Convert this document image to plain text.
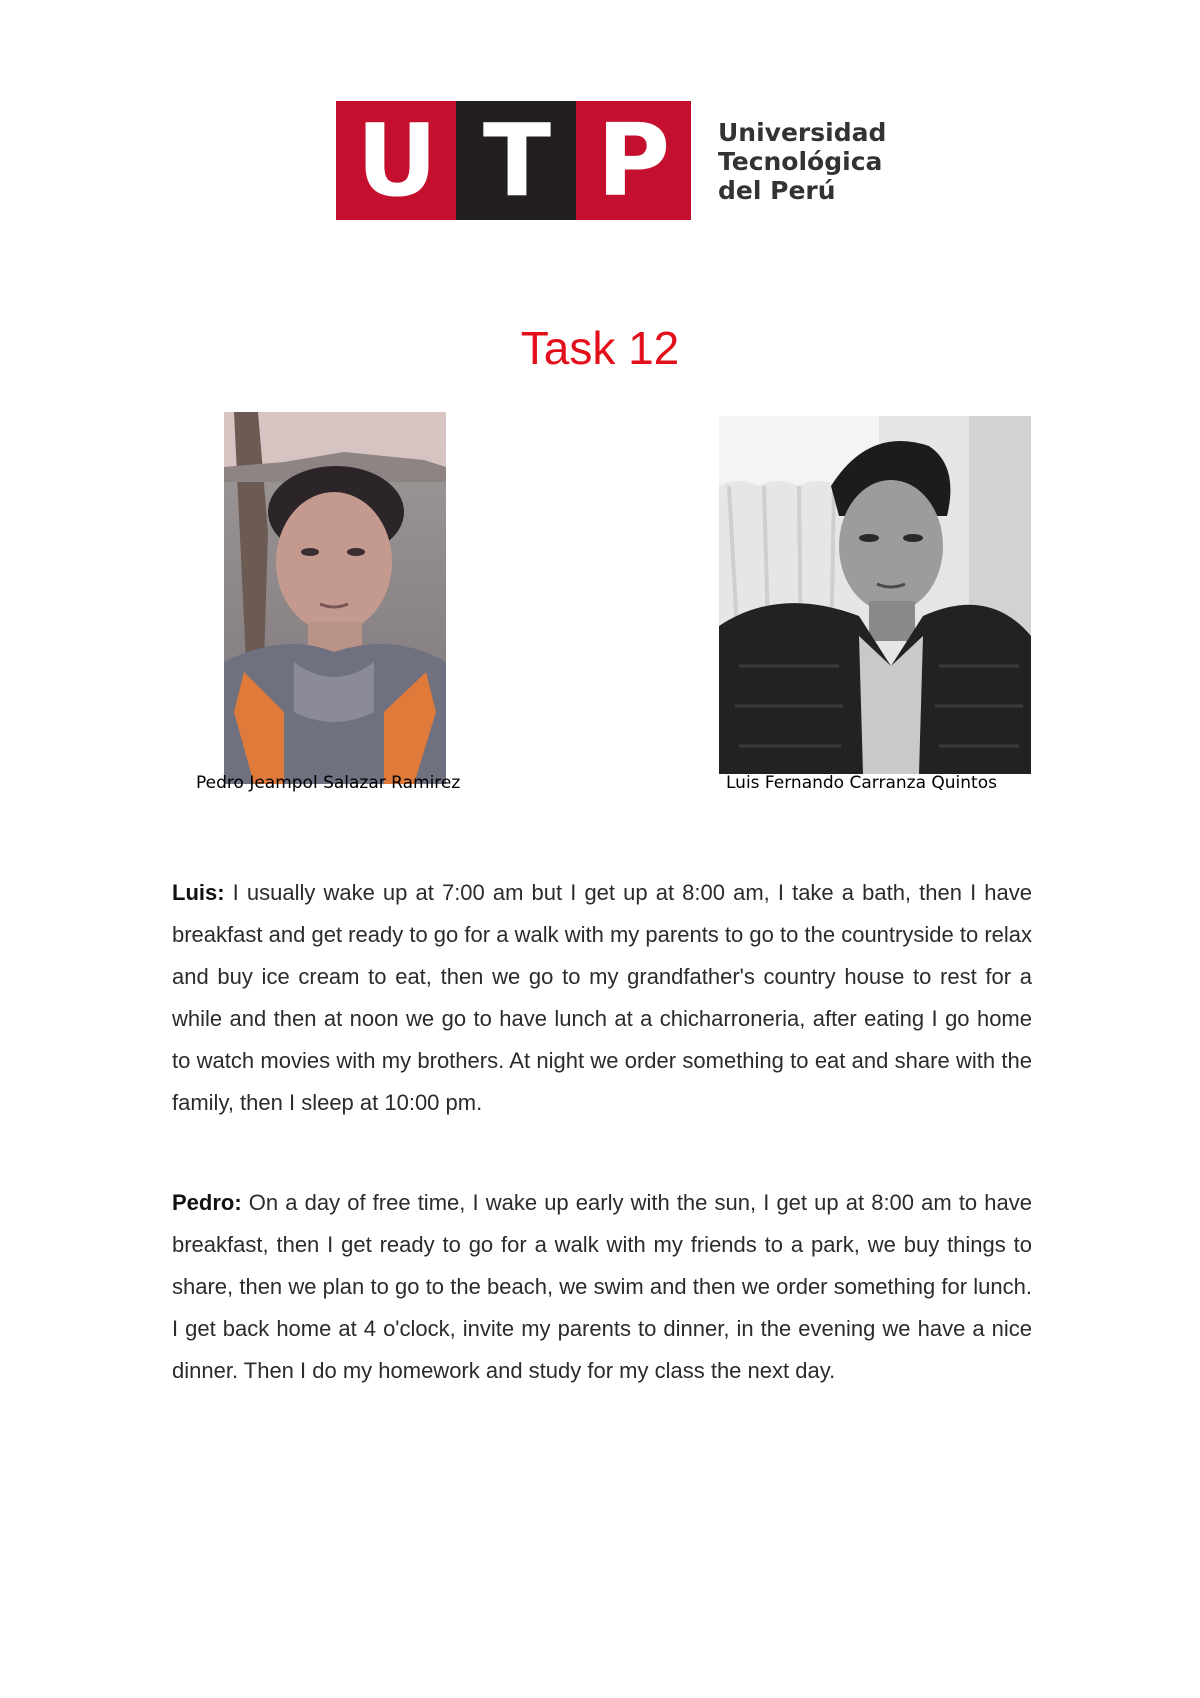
U T P	Universidad
Tecnológica
del Perú
Task 12
Pedro Jeampol Salazar Ramirez	Luis Fernando Carranza Quintos
Luis: I usually wake up at 7:00 am but I get up at 8:00 am, I take a bath, then I have breakfast and get ready to go for a walk with my parents to go to the countryside to relax and buy ice cream to eat, then we go to my grandfather's country house to rest for a while and then at noon we go to have lunch at a chicharroneria, after eating I go home to watch movies with my brothers. At night we order something to eat and share with the family, then I sleep at 10:00 pm.
Pedro: On a day of free time, I wake up early with the sun, I get up at 8:00 am to have breakfast, then I get ready to go for a walk with my friends to a park, we buy things to share, then we plan to go to the beach, we swim and then we order something for lunch. I get back home at 4 o'clock, invite my parents to dinner, in the evening we have a nice dinner. Then I do my homework and study for my class the next day.
